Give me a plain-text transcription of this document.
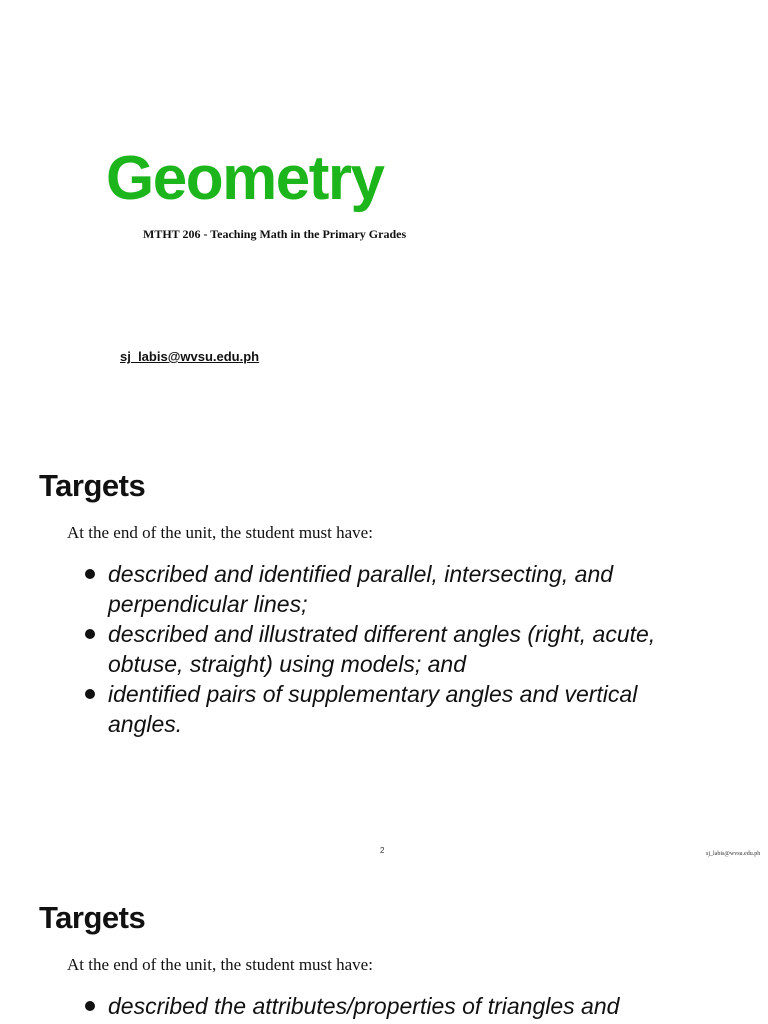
Geometry

MTHT 206 - Teaching Math in the Primary Grades

sj_labis@wvsu.edu.ph
Targets

At the end of the unit, the student must have:

described and identified parallel, intersecting, and perpendicular lines;
described and illustrated different angles (right, acute, obtuse, straight) using models; and
identified pairs of supplementary angles and vertical angles.
2	sj_labis@wvsu.edu.ph
Targets

At the end of the unit, the student must have:

described the attributes/properties of triangles and
